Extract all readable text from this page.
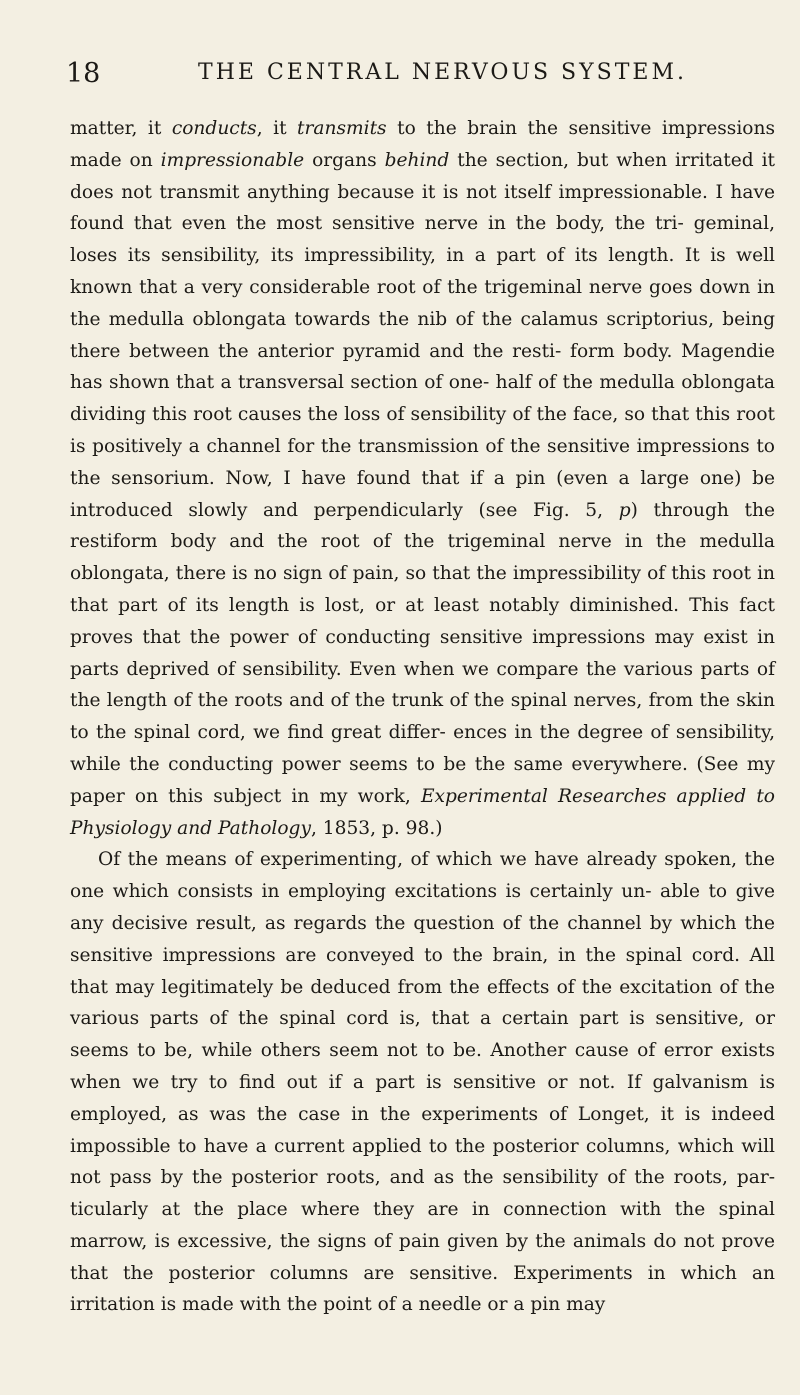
18	THE CENTRAL NERVOUS SYSTEM.

matter, it conducts, it transmits to the brain the sensitive impressions made on impressionable organs behind the section, but when irritated it does not transmit anything because it is not itself impressionable. I have found that even the most sensitive nerve in the body, the tri- geminal, loses its sensibility, its impressibility, in a part of its length. It is well known that a very considerable root of the trigeminal nerve goes down in the medulla oblongata towards the nib of the calamus scriptorius, being there between the anterior pyramid and the resti- form body. Magendie has shown that a transversal section of one- half of the medulla oblongata dividing this root causes the loss of sensibility of the face, so that this root is positively a channel for the transmission of the sensitive impressions to the sensorium. Now, I have found that if a pin (even a large one) be introduced slowly and perpendicularly (see Fig. 5, p) through the restiform body and the root of the trigeminal nerve in the medulla oblongata, there is no sign of pain, so that the impressibility of this root in that part of its length is lost, or at least notably diminished. This fact proves that the power of conducting sensitive impressions may exist in parts deprived of sensibility. Even when we compare the various parts of the length of the roots and of the trunk of the spinal nerves, from the skin to the spinal cord, we find great differ- ences in the degree of sensibility, while the conducting power seems to be the same everywhere. (See my paper on this subject in my work, Experimental Researches applied to Physiology and Pathology, 1853, p. 98.)

Of the means of experimenting, of which we have already spoken, the one which consists in employing excitations is certainly un- able to give any decisive result, as regards the question of the channel by which the sensitive impressions are conveyed to the brain, in the spinal cord. All that may legitimately be deduced from the effects of the excitation of the various parts of the spinal cord is, that a certain part is sensitive, or seems to be, while others seem not to be. Another cause of error exists when we try to find out if a part is sensitive or not. If galvanism is employed, as was the case in the experiments of Longet, it is indeed impossible to have a current applied to the posterior columns, which will not pass by the posterior roots, and as the sensibility of the roots, par- ticularly at the place where they are in connection with the spinal marrow, is excessive, the signs of pain given by the animals do not prove that the posterior columns are sensitive. Experiments in which an irritation is made with the point of a needle or a pin may
